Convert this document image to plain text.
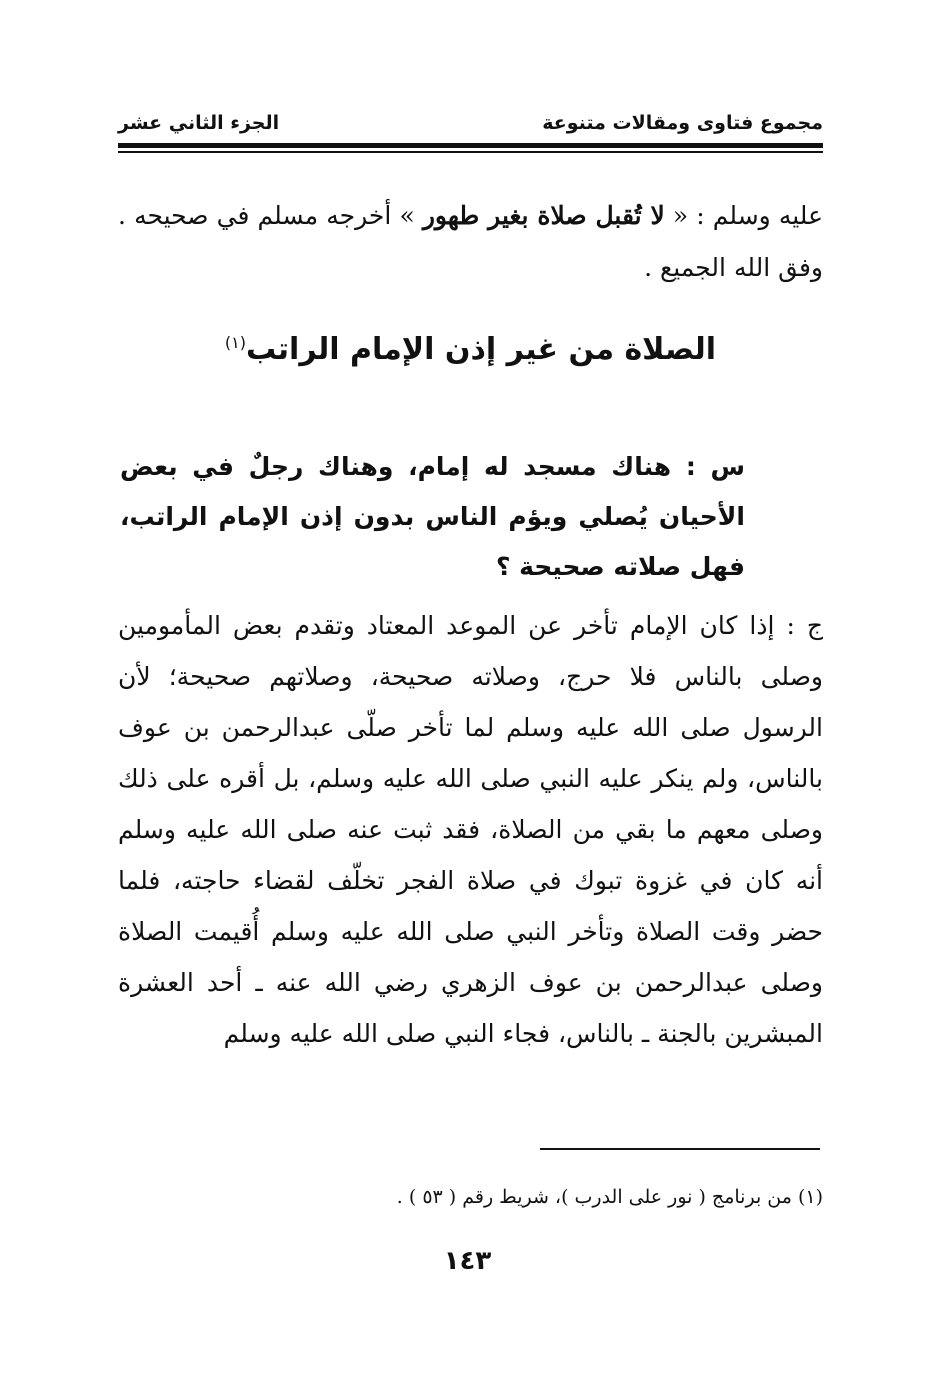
مجموع فتاوى ومقالات متنوعة
الجزء الثاني عشر
عليه وسلم : « لا تُقبل صلاة بغير طهور » أخرجه مسلم في صحيحه . وفق الله الجميع .
الصلاة من غير إذن الإمام الراتب$^{(١)}$
س : هناك مسجد له إمام، وهناك رجلٌ في بعض الأحيان يُصلي ويؤم الناس بدون إذن الإمام الراتب، فهل صلاته صحيحة ؟
ج : إذا كان الإمام تأخر عن الموعد المعتاد وتقدم بعض المأمومين وصلى بالناس فلا حرج، وصلاته صحيحة، وصلاتهم صحيحة؛ لأن الرسول صلى الله عليه وسلم لما تأخر صلّى عبدالرحمن بن عوف بالناس، ولم ينكر عليه النبي صلى الله عليه وسلم، بل أقره على ذلك وصلى معهم ما بقي من الصلاة، فقد ثبت عنه صلى الله عليه وسلم أنه كان في غزوة تبوك في صلاة الفجر تخلّف لقضاء حاجته، فلما حضر وقت الصلاة وتأخر النبي صلى الله عليه وسلم أُقيمت الصلاة وصلى عبدالرحمن بن عوف الزهري رضي الله عنه ـ أحد العشرة المبشرين بالجنة ـ بالناس، فجاء النبي صلى الله عليه وسلم
(١) من برنامج ( نور على الدرب )، شريط رقم ( ٥٣ ) .
١٤٣
